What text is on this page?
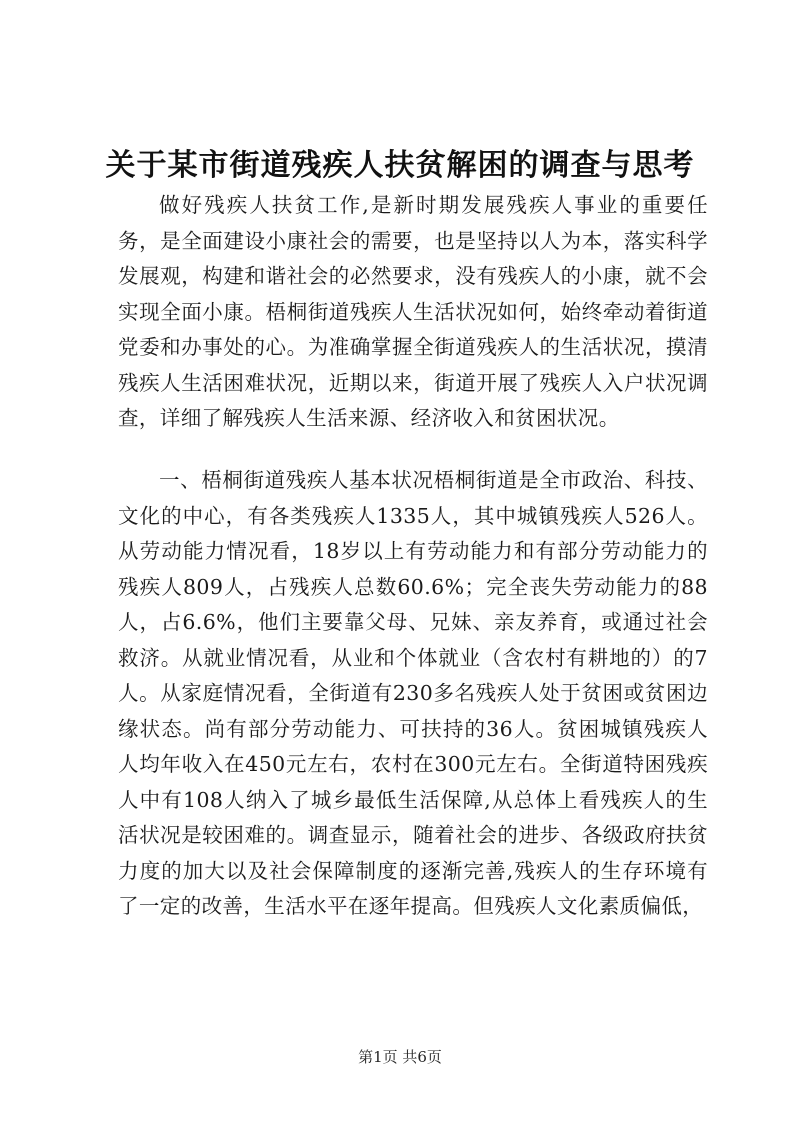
关于某市街道残疾人扶贫解困的调查与思考

做好残疾人扶贫工作,是新时期发展残疾人事业的重要任务，是全面建设小康社会的需要，也是坚持以人为本，落实科学发展观，构建和谐社会的必然要求，没有残疾人的小康，就不会实现全面小康。梧桐街道残疾人生活状况如何，始终牵动着街道党委和办事处的心。为准确掌握全街道残疾人的生活状况，摸清残疾人生活困难状况，近期以来，街道开展了残疾人入户状况调查，详细了解残疾人生活来源、经济收入和贫困状况。

一、梧桐街道残疾人基本状况梧桐街道是全市政治、科技、文化的中心，有各类残疾人1335人，其中城镇残疾人526人。从劳动能力情况看，18岁以上有劳动能力和有部分劳动能力的残疾人809人，占残疾人总数60.6%；完全丧失劳动能力的88人，占6.6%，他们主要靠父母、兄妹、亲友养育，或通过社会救济。从就业情况看，从业和个体就业（含农村有耕地的）的7人。从家庭情况看，全街道有230多名残疾人处于贫困或贫困边缘状态。尚有部分劳动能力、可扶持的36人。贫困城镇残疾人人均年收入在450元左右，农村在300元左右。全街道特困残疾人中有108人纳入了城乡最低生活保障,从总体上看残疾人的生活状况是较困难的。调查显示，随着社会的进步、各级政府扶贫力度的加大以及社会保障制度的逐渐完善,残疾人的生存环境有了一定的改善，生活水平在逐年提高。但残疾人文化素质偏低，

第1页 共6页
